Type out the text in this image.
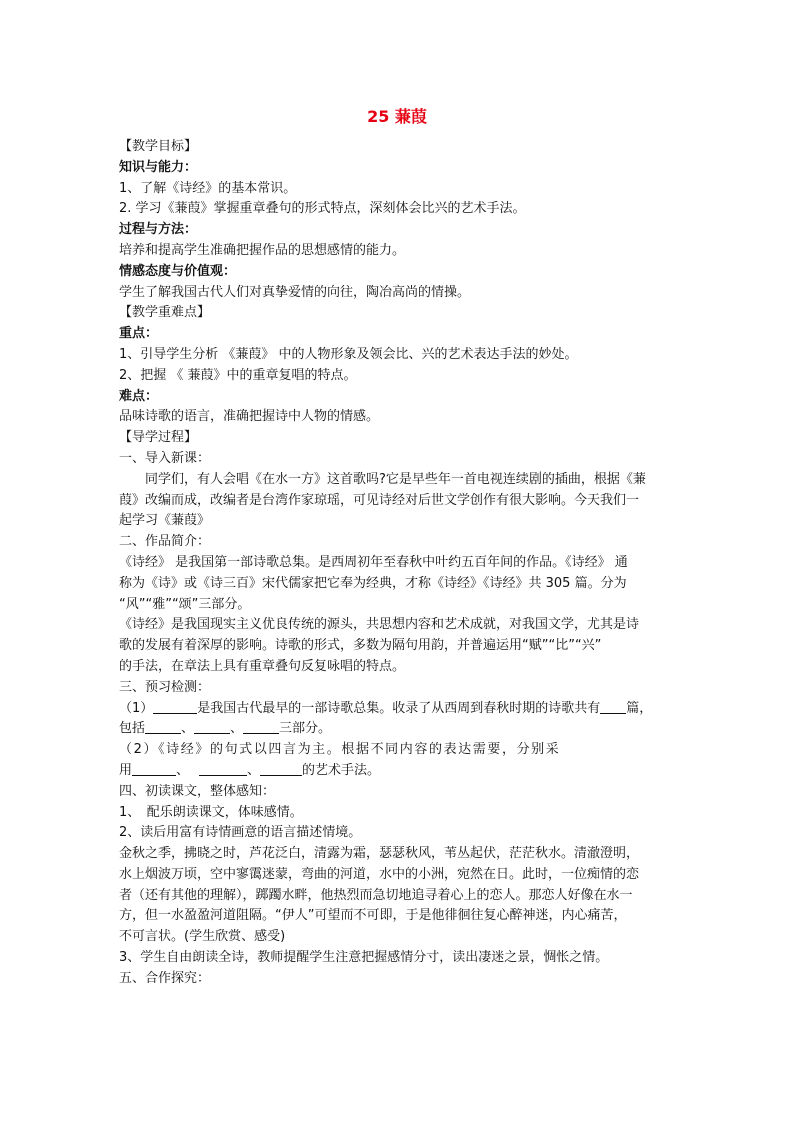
25 蒹葭

【教学目标】

知识与能力：

1、了解《诗经》的基本常识。

2. 学习《蒹葭》掌握重章叠句的形式特点，深刻体会比兴的艺术手法。

过程与方法：

培养和提高学生准确把握作品的思想感情的能力。

情感态度与价值观：

学生了解我国古代人们对真挚爱情的向往，陶冶高尚的情操。

【教学重难点】

重点：

1、引导学生分析 《蒹葭》 中的人物形象及领会比、兴的艺术表达手法的妙处。

2、把握 《 蒹葭》中的重章复唱的特点。

难点：

品味诗歌的语言，准确把握诗中人物的情感。

【导学过程】

一、导入新课：

同学们，有人会唱《在水一方》这首歌吗?它是早些年一首电视连续剧的插曲，根据《蒹

葭》改编而成，改编者是台湾作家琼瑶，可见诗经对后世文学创作有很大影响。今天我们一

起学习《蒹葭》

二、作品简介：

《诗经》 是我国第一部诗歌总集。是西周初年至春秋中叶约五百年间的作品。《诗经》 通

称为《诗》或《诗三百》宋代儒家把它奉为经典，才称《诗经》《诗经》共 305 篇。分为

“风”“雅”“颂”三部分。

《诗经》是我国现实主义优良传统的源头，共思想内容和艺术成就，对我国文学，尤其是诗

歌的发展有着深厚的影响。诗歌的形式，多数为隔句用韵，并普遍运用“赋”“比”“兴”

的手法，在章法上具有重章叠句反复咏唱的特点。

三、预习检测：

（1）	是我国古代最早的一部诗歌总集。收录了从西周到春秋时期的诗歌共有 篇，

包括	、	、	三部分。

（2）《诗经》的句式以四言为主。根据不同内容的表达需要，分别采

用	、	、	的艺术手法。

四、初读课文，整体感知：

1、　配乐朗读课文，体味感情。

2、读后用富有诗情画意的语言描述情境。

金秋之季，拂晓之时，芦花泛白，清露为霜，瑟瑟秋风，苇丛起伏，茫茫秋水。清澈澄明，

水上烟波万顷，空中寥霭迷蒙，弯曲的河道，水中的小洲，宛然在日。此时，一位痴情的恋

者（还有其他的理解），踯躅水畔，他热烈而急切地追寻着心上的恋人。那恋人好像在水一

方，但一水盈盈河道阻隔。“伊人”可望而不可即，于是他徘徊往复心醉神迷，内心痛苦，

不可言状。(学生欣赏、感受)

3、学生自由朗读全诗，教师提醒学生注意把握感情分寸，读出凄迷之景，惆怅之情。

五、合作探究：
